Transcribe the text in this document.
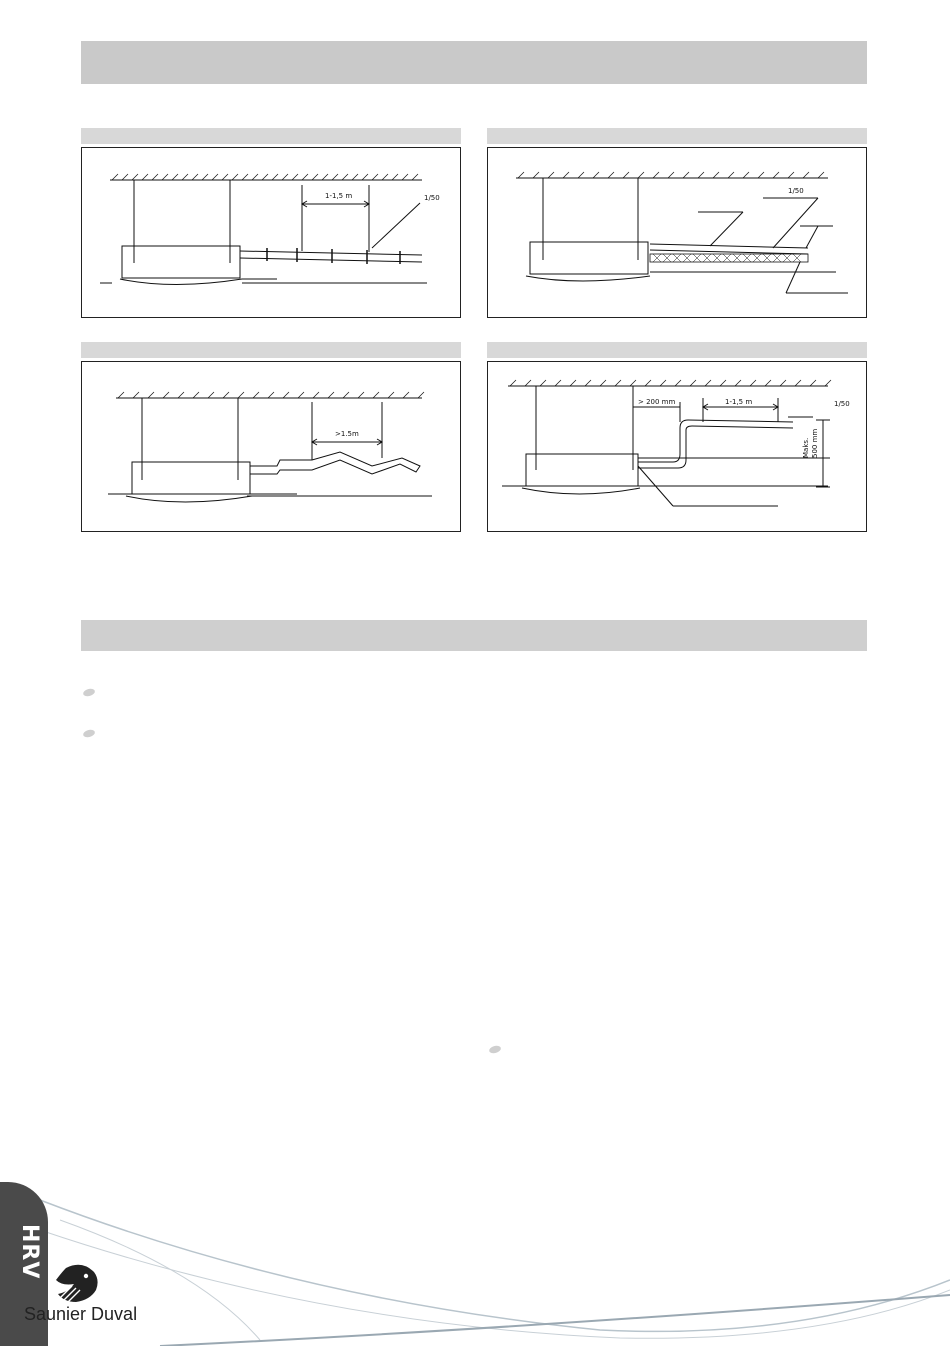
1-1,5 m	1/50
1/50
>1.5m
> 200 mm	1-1,5 m	1/50
Maks. 500 mm
HRV
Saunier Duval
